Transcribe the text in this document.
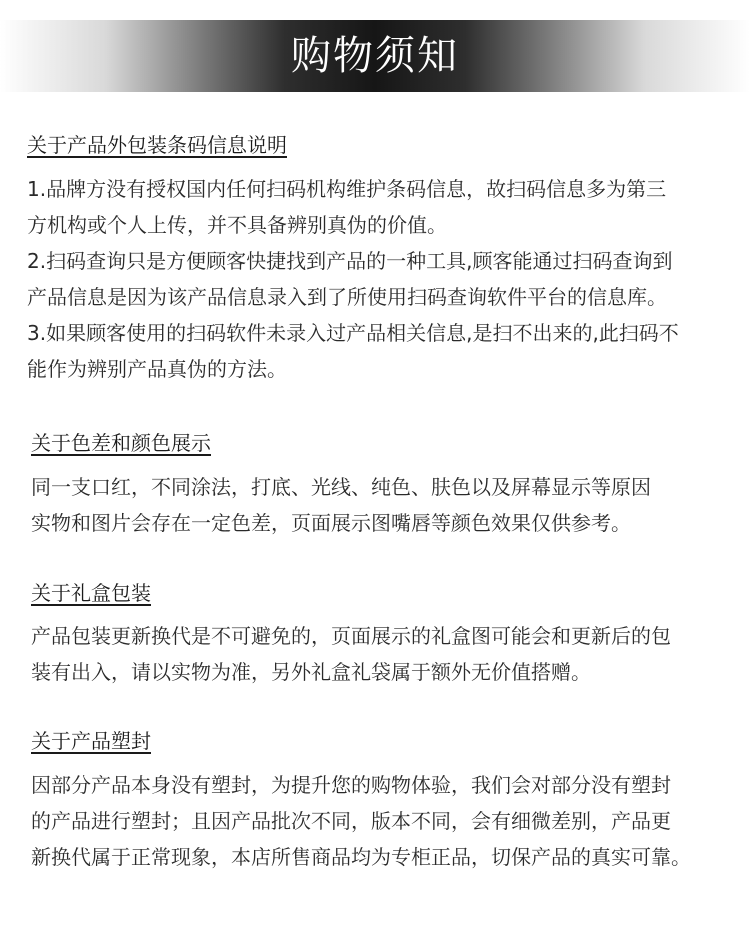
购物须知
关于产品外包装条码信息说明
1.品牌方没有授权国内任何扫码机构维护条码信息，故扫码信息多为第三
方机构或个人上传，并不具备辨别真伪的价值。
2.扫码查询只是方便顾客快捷找到产品的一种工具,顾客能通过扫码查询到
产品信息是因为该产品信息录入到了所使用扫码查询软件平台的信息库。
3.如果顾客使用的扫码软件未录入过产品相关信息,是扫不出来的,此扫码不
能作为辨别产品真伪的方法。
关于色差和颜色展示
同一支口红，不同涂法，打底、光线、纯色、肤色以及屏幕显示等原因
实物和图片会存在一定色差，页面展示图嘴唇等颜色效果仅供参考。
关于礼盒包装
产品包装更新换代是不可避免的，页面展示的礼盒图可能会和更新后的包
装有出入，请以实物为准，另外礼盒礼袋属于额外无价值搭赠。
关于产品塑封
因部分产品本身没有塑封，为提升您的购物体验，我们会对部分没有塑封
的产品进行塑封；且因产品批次不同，版本不同，会有细微差别，产品更
新换代属于正常现象，本店所售商品均为专柜正品，切保产品的真实可靠。
